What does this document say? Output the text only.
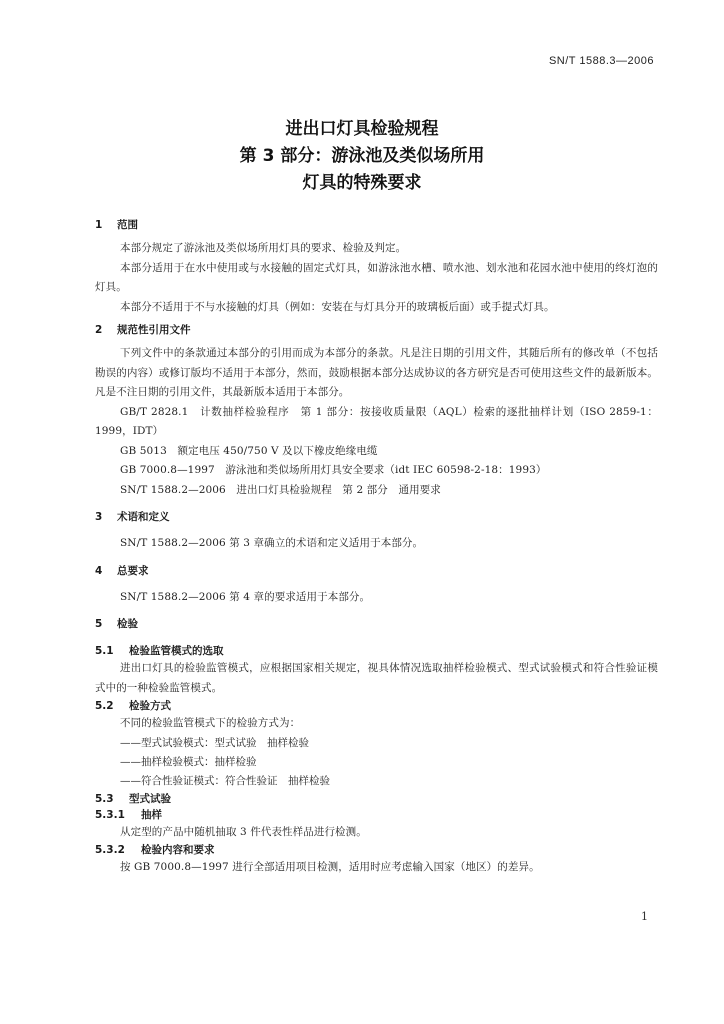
SN/T 1588.3—2006
进出口灯具检验规程
第 3 部分：游泳池及类似场所用
灯具的特殊要求
1 范围
本部分规定了游泳池及类似场所用灯具的要求、检验及判定。
本部分适用于在水中使用或与水接触的固定式灯具，如游泳池水槽、喷水池、划水池和花园水池中使用的终灯泡的灯具。
本部分不适用于不与水接触的灯具（例如：安装在与灯具分开的玻璃板后面）或手提式灯具。
2 规范性引用文件
下列文件中的条款通过本部分的引用而成为本部分的条款。凡是注日期的引用文件，其随后所有的修改单（不包括勘误的内容）或修订版均不适用于本部分，然而，鼓励根据本部分达成协议的各方研究是否可使用这些文件的最新版本。凡是不注日期的引用文件，其最新版本适用于本部分。
GB/T 2828.1　计数抽样检验程序　第 1 部分：按接收质量限（AQL）检索的逐批抽样计划（ISO 2859-1：1999，IDT）
GB 5013　额定电压 450/750 V 及以下橡皮绝缘电缆
GB 7000.8—1997　游泳池和类似场所用灯具安全要求（idt IEC 60598-2-18：1993）
SN/T 1588.2—2006　进出口灯具检验规程　第 2 部分　通用要求
3 术语和定义
SN/T 1588.2—2006 第 3 章确立的术语和定义适用于本部分。
4 总要求
SN/T 1588.2—2006 第 4 章的要求适用于本部分。
5 检验
5.1 检验监管模式的选取
进出口灯具的检验监管模式，应根据国家相关规定，视具体情况选取抽样检验模式、型式试验模式和符合性验证模式中的一种检验监管模式。
5.2 检验方式
不同的检验监管模式下的检验方式为：
——型式试验模式：型式试验　抽样检验
——抽样检验模式：抽样检验
——符合性验证模式：符合性验证　抽样检验
5.3 型式试验
5.3.1 抽样
从定型的产品中随机抽取 3 件代表性样品进行检测。
5.3.2 检验内容和要求
按 GB 7000.8—1997 进行全部适用项目检测，适用时应考虑输入国家（地区）的差异。
1
